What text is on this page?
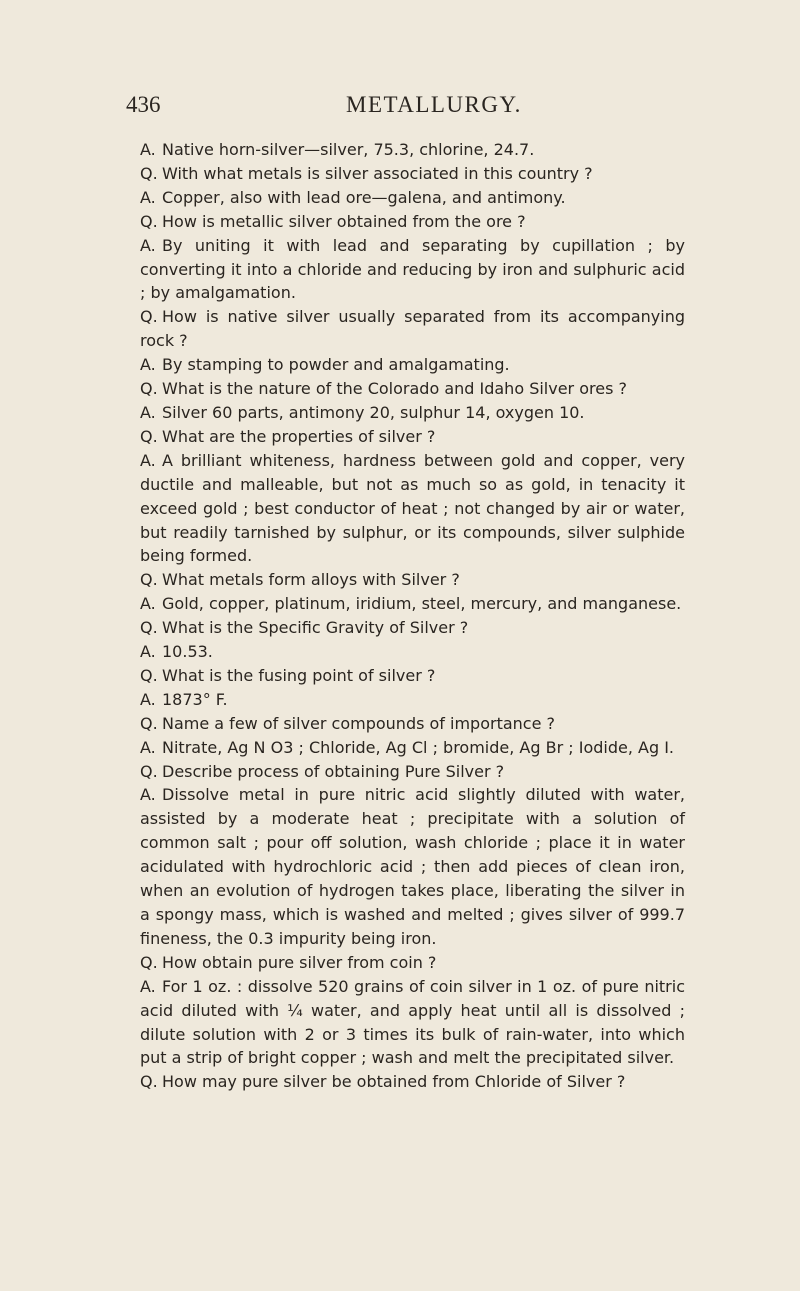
436	METALLURGY.

A. Native horn-silver—silver, 75.3, chlorine, 24.7.

Q. With what metals is silver associated in this country ?

A. Copper, also with lead ore—galena, and antimony.

Q. How is metallic silver obtained from the ore ?

A. By uniting it with lead and separating by cupillation ; by converting it into a chloride and reducing by iron and sulphuric acid ; by amalgamation.

Q. How is native silver usually separated from its accompanying rock ?

A. By stamping to powder and amalgamating.

Q. What is the nature of the Colorado and Idaho Silver ores ?

A. Silver 60 parts, antimony 20, sulphur 14, oxygen 10.

Q. What are the properties of silver ?

A. A brilliant whiteness, hardness between gold and copper, very ductile and malleable, but not as much so as gold, in tenacity it exceed gold ; best conductor of heat ; not changed by air or water, but readily tarnished by sulphur, or its compounds, silver sulphide being formed.

Q. What metals form alloys with Silver ?

A. Gold, copper, platinum, iridium, steel, mercury, and manganese.

Q. What is the Specific Gravity of Silver ?

A. 10.53.

Q. What is the fusing point of silver ?

A. 1873° F.

Q. Name a few of silver compounds of importance ?

A. Nitrate, Ag N O3 ; Chloride, Ag Cl ; bromide, Ag Br ; Iodide, Ag I.

Q. Describe process of obtaining Pure Silver ?

A. Dissolve metal in pure nitric acid slightly diluted with water, assisted by a moderate heat ; precipitate with a solution of common salt ; pour off solution, wash chloride ; place it in water acidulated with hydrochloric acid ; then add pieces of clean iron, when an evolution of hydrogen takes place, liberating the silver in a spongy mass, which is washed and melted ; gives silver of 999.7 fineness, the 0.3 impurity being iron.

Q. How obtain pure silver from coin ?

A. For 1 oz. : dissolve 520 grains of coin silver in 1 oz. of pure nitric acid diluted with ¼ water, and apply heat until all is dissolved ; dilute solution with 2 or 3 times its bulk of rain-water, into which put a strip of bright copper ; wash and melt the precipitated silver.

Q. How may pure silver be obtained from Chloride of Silver ?
